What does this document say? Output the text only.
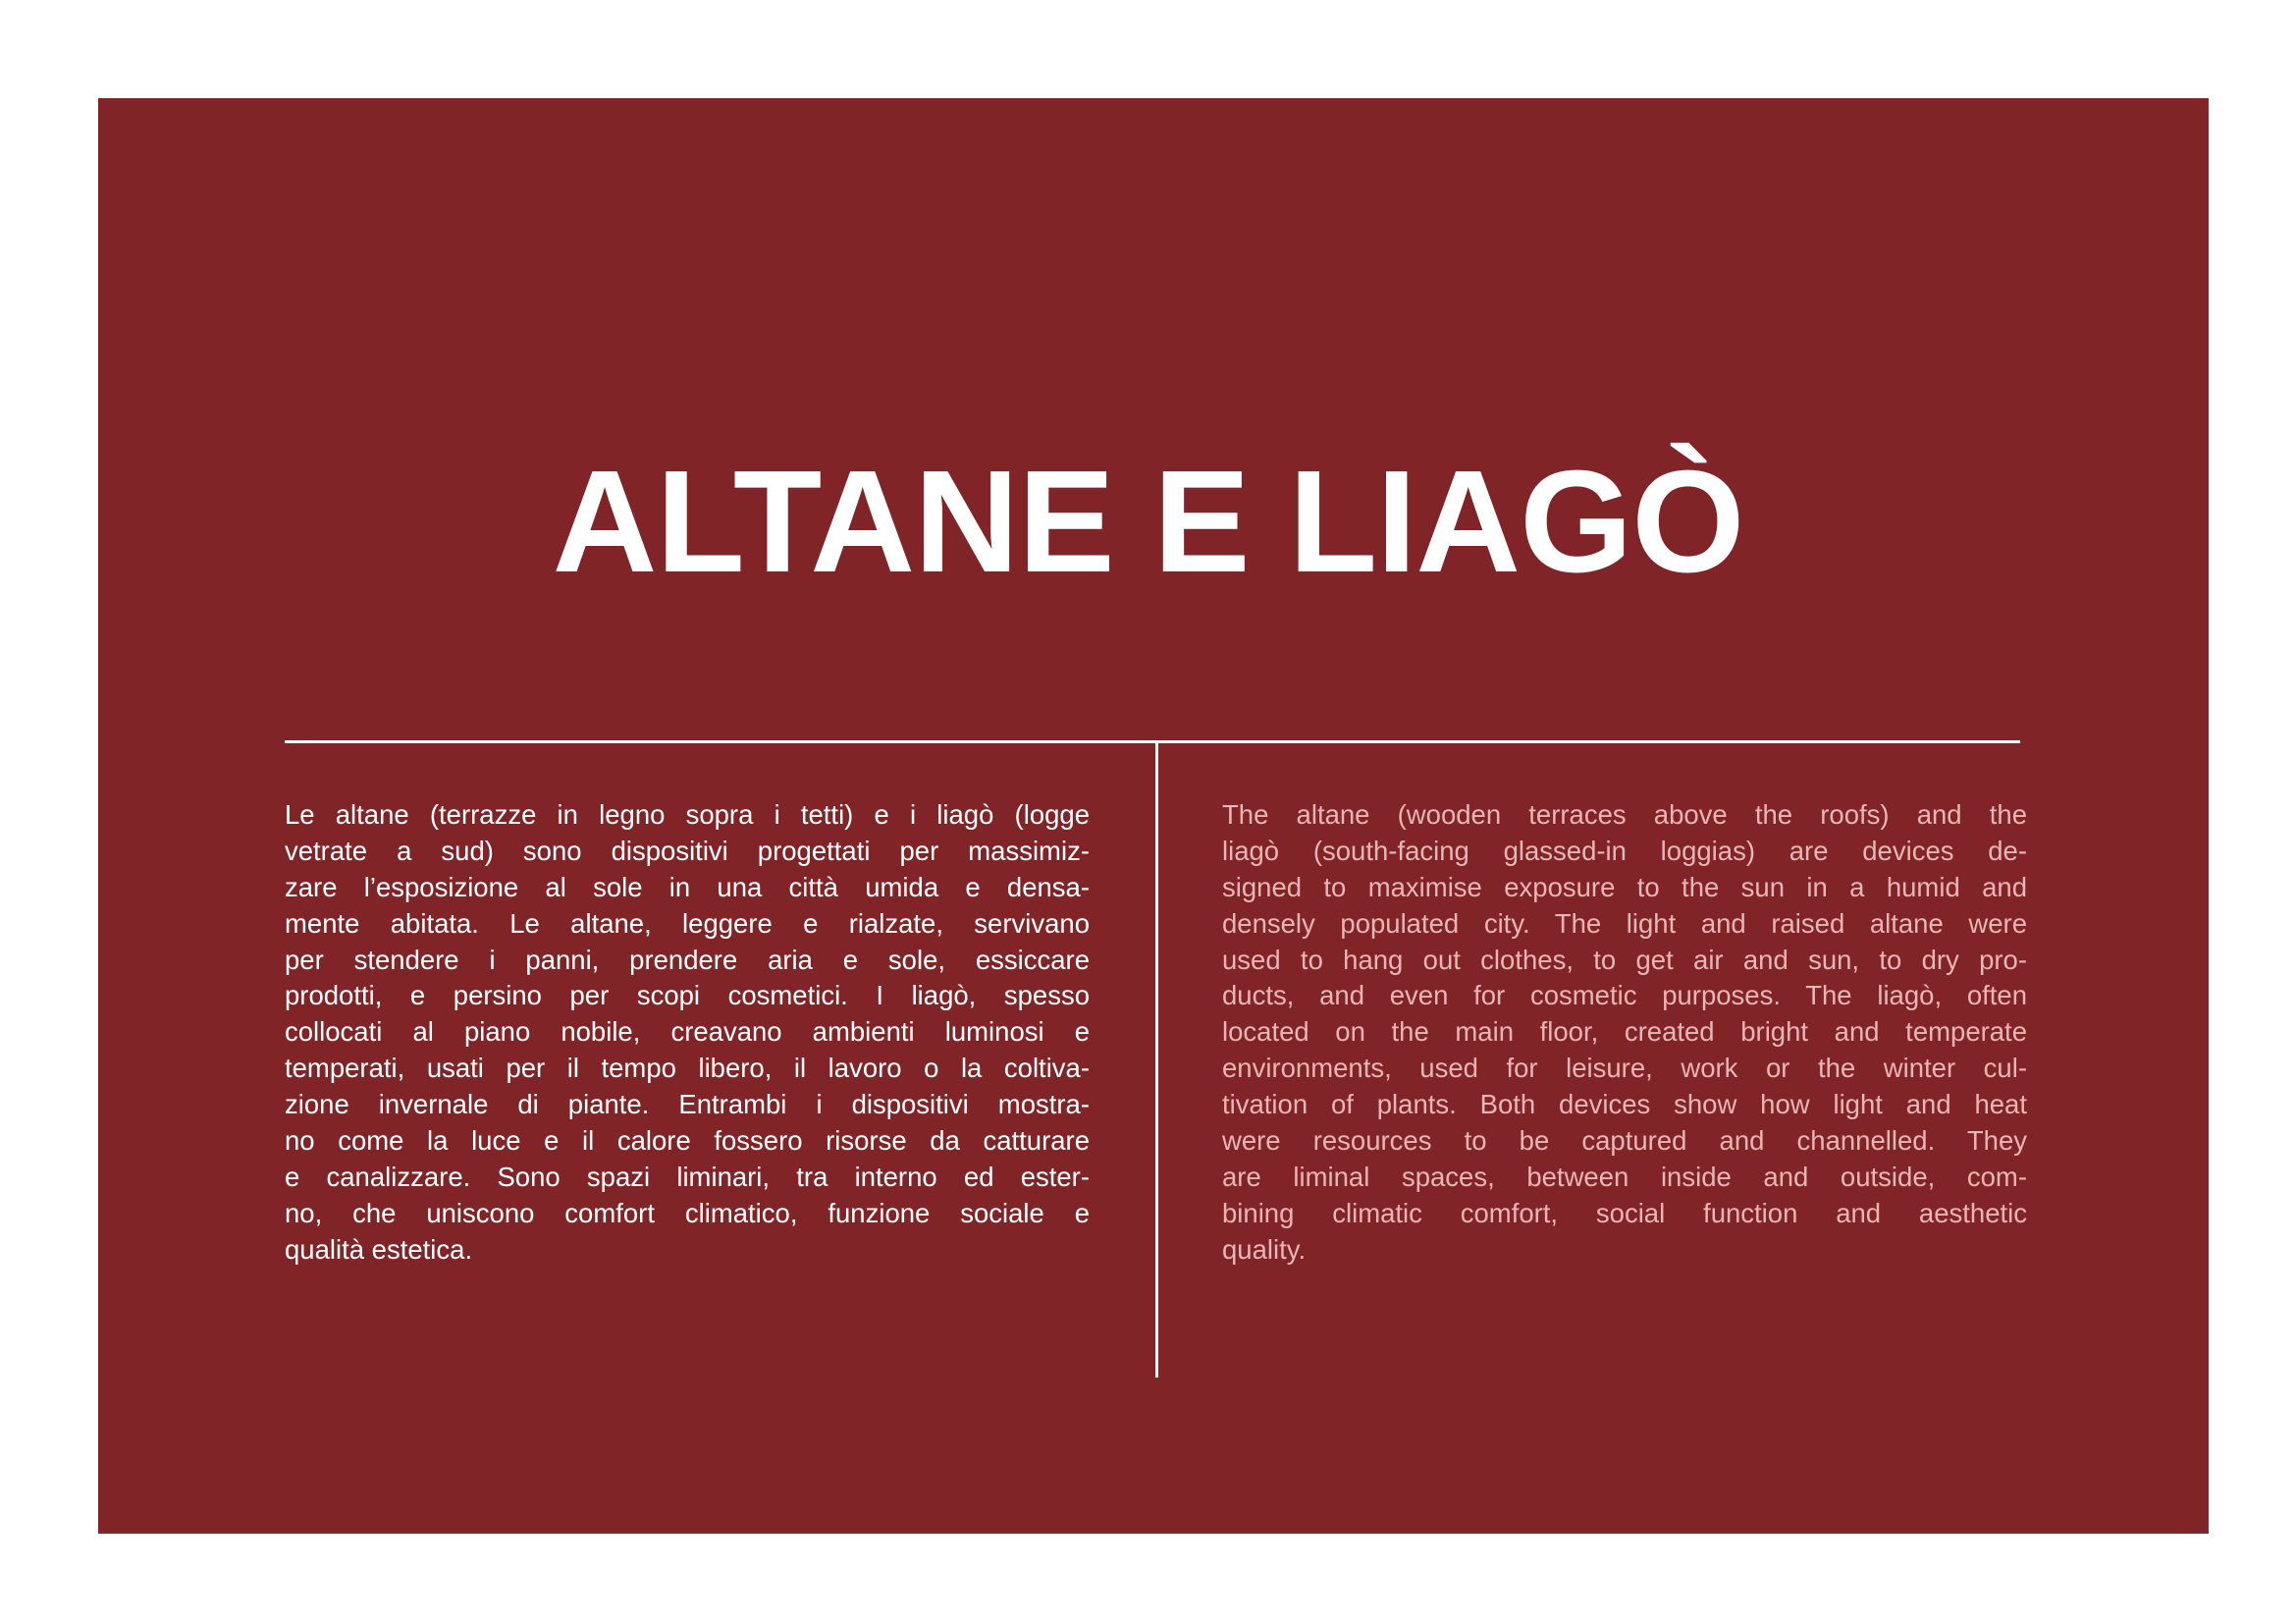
ALTANE E LIAGÒ
Le altane (terrazze in legno sopra i tetti) e i liagò (logge
vetrate a sud) sono dispositivi progettati per massimiz-
zare l’esposizione al sole in una città umida e densa-
mente abitata. Le altane, leggere e rialzate, servivano
per stendere i panni, prendere aria e sole, essiccare
prodotti, e persino per scopi cosmetici. I liagò, spesso
collocati al piano nobile, creavano ambienti luminosi e
temperati, usati per il tempo libero, il lavoro o la coltiva-
zione invernale di piante. Entrambi i dispositivi mostra-
no come la luce e il calore fossero risorse da catturare
e canalizzare. Sono spazi liminari, tra interno ed ester-
no, che uniscono comfort climatico, funzione sociale e
qualità estetica.
The altane (wooden terraces above the roofs) and the
liagò (south-facing glassed-in loggias) are devices de-
signed to maximise exposure to the sun in a humid and
densely populated city. The light and raised altane were
used to hang out clothes, to get air and sun, to dry pro-
ducts, and even for cosmetic purposes. The liagò, often
located on the main floor, created bright and temperate
environments, used for leisure, work or the winter cul-
tivation of plants. Both devices show how light and heat
were resources to be captured and channelled. They
are liminal spaces, between inside and outside, com-
bining climatic comfort, social function and aesthetic
quality.
